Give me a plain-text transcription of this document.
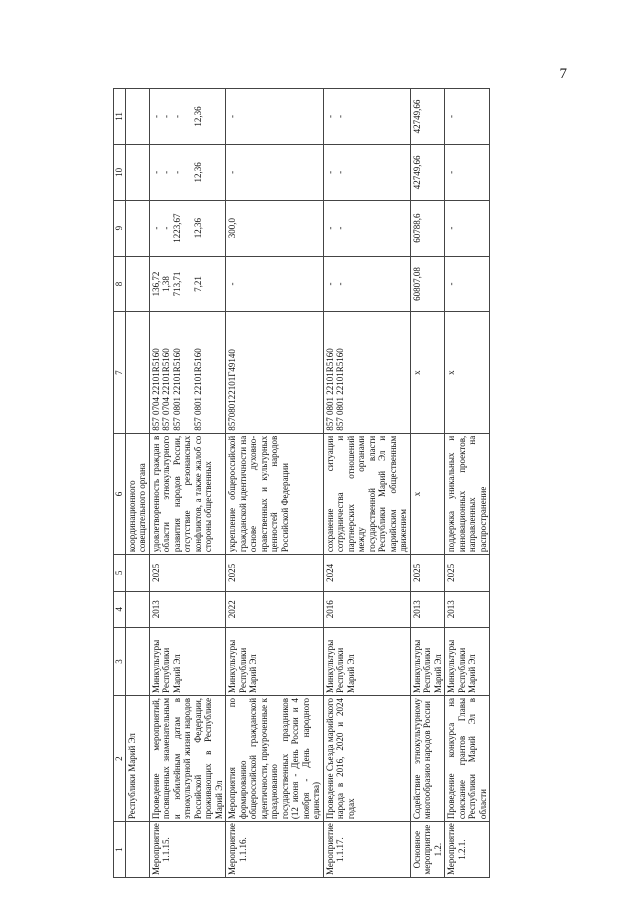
7
1	2	3	4	5	6	7	8	9	10	11
	Республики Марий Эл				координационного совещательного органа					
Мероприятие 1.1.15.	Проведение мероприятий, посвященных знаменательным и юбилейным датам в этнокультурной жизни народов Российской Федерации, проживающих в Республике Марий Эл	Минкультуры Республики Марий Эл	2013	2025	удовлетворенность граждан в области этнокультурного развития народов России, отсутствие резонансных конфликтов, а также жалоб со стороны общественных	857 0704 22101R5160 857 0704 22101R5160 857 0801 22101R5160 857 0801 22101R5160	136,72 1,38 713,71 7,21	- - 1223,67 12,36	- - - 12,36	- - - 12,36

Мероприятие 1.1.16.	Мероприятия по формированию общероссийской гражданской идентичности, приуроченные к празднованию государственных праздников (12 июня - День России и 4 ноября - День народного единства)	Минкультуры Республики Марий Эл	2022	2025	укрепление общероссийской гражданской идентичности на основе духовно-нравственных и культурных ценностей народов Российской Федерации	857080122101Г49140	-	300,0	-	-

Мероприятие 1.1.17.	Проведение Съезда марийского народа в 2016, 2020 и 2024 годах	Минкультуры Республики Марий Эл	2016	2024	сохранение ситуации сотрудничества и партнерских отношений между органами государственной власти Республики Марий Эл и марийским общественным движением	857 0801 22101R5160 857 0801 22101R5160	- -	- -	- -	- -

Основное мероприятие 1.2.	Содействие этнокультурному многообразию народов России	Минкультуры Республики Марий Эл	2013	2025	х	х	60807,08	60788,6	42749,66	42749,66

Мероприятие 1.2.1.	Проведение конкурса на соискание грантов Главы Республики Марий Эл в области	Минкультуры Республики Марий Эл	2013	2025	поддержка уникальных и инновационных проектов, направленных на распространение	х	-	-	-	-
